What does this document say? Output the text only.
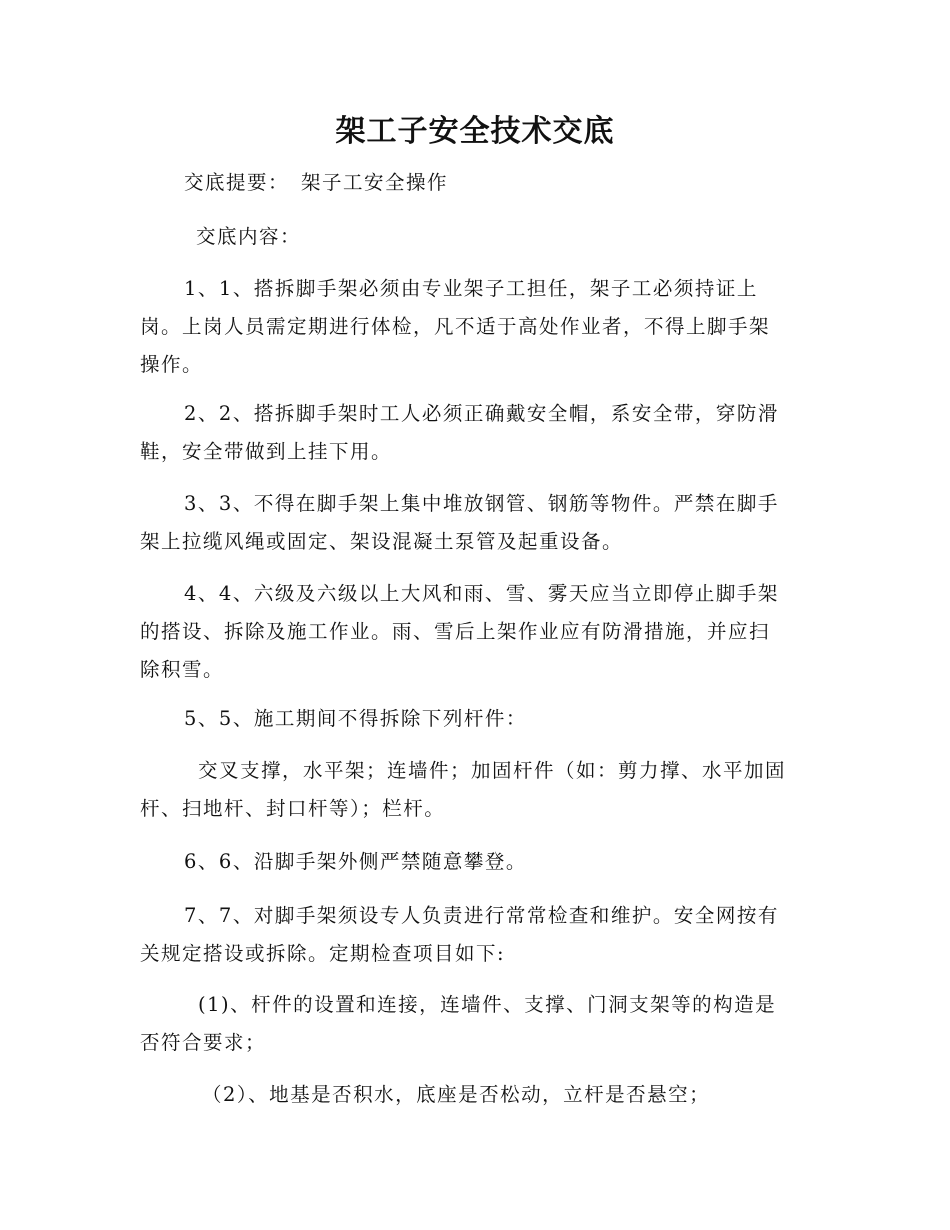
架工子安全技术交底

交底提要： 架子工安全操作

交底内容：

1、1、搭拆脚手架必须由专业架子工担任，架子工必须持证上
岗。上岗人员需定期进行体检，凡不适于高处作业者，不得上脚手架
操作。

2、2、搭拆脚手架时工人必须正确戴安全帽，系安全带，穿防滑
鞋，安全带做到上挂下用。

3、3、不得在脚手架上集中堆放钢管、钢筋等物件。严禁在脚手
架上拉缆风绳或固定、架设混凝土泵管及起重设备。

4、4、六级及六级以上大风和雨、雪、雾天应当立即停止脚手架
的搭设、拆除及施工作业。雨、雪后上架作业应有防滑措施，并应扫
除积雪。

5、5、施工期间不得拆除下列杆件：

交叉支撑，水平架；连墙件；加固杆件（如：剪力撑、水平加固
杆、扫地杆、封口杆等）；栏杆。

6、6、沿脚手架外侧严禁随意攀登。

7、7、对脚手架须设专人负责进行常常检查和维护。安全网按有
关规定搭设或拆除。定期检查项目如下:

(1)、杆件的设置和连接，连墙件、支撑、门洞支架等的构造是
否符合要求；

（2）、地基是否积水，底座是否松动，立杆是否悬空；
